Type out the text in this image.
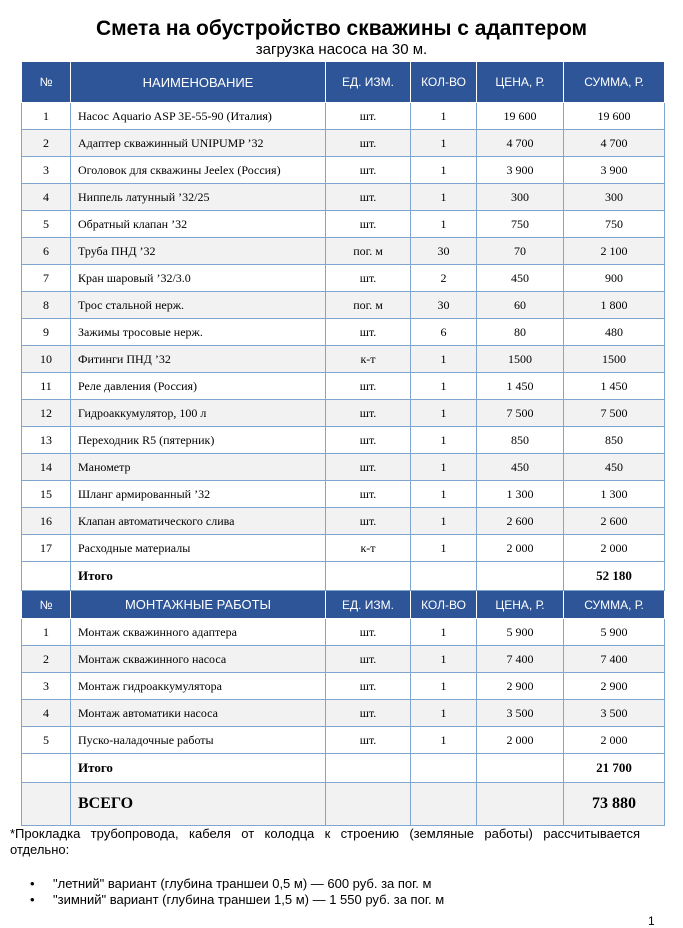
Смета на обустройство скважины с адаптером
загрузка насоса на 30 м.
№	НАИМЕНОВАНИЕ	ЕД. ИЗМ.	КОЛ-ВО	ЦЕНА, Р.	СУММА, Р.
1	Насос Aquario ASP 3E-55-90 (Италия)	шт.	1	19 600	19 600
2	Адаптер скважинный UNIPUMP ’32	шт.	1	4 700	4 700
3	Оголовок для скважины Jeelex (Россия)	шт.	1	3 900	3 900
4	Ниппель латунный ’32/25	шт.	1	300	300
5	Обратный клапан ’32	шт.	1	750	750
6	Труба ПНД ’32	пог. м	30	70	2 100
7	Кран шаровый ’32/3.0	шт.	2	450	900
8	Трос стальной нерж.	пог. м	30	60	1 800
9	Зажимы тросовые нерж.	шт.	6	80	480
10	Фитинги ПНД ’32	к-т	1	1500	1500
11	Реле давления (Россия)	шт.	1	1 450	1 450
12	Гидроаккумулятор, 100 л	шт.	1	7 500	7 500
13	Переходник R5 (пятерник)	шт.	1	850	850
14	Манометр	шт.	1	450	450
15	Шланг армированный ’32	шт.	1	1 300	1 300
16	Клапан автоматического слива	шт.	1	2 600	2 600
17	Расходные материалы	к-т	1	2 000	2 000
	Итого				52 180
№	МОНТАЖНЫЕ РАБОТЫ	ЕД. ИЗМ.	КОЛ-ВО	ЦЕНА, Р.	СУММА, Р.
1	Монтаж скважинного адаптера	шт.	1	5 900	5 900
2	Монтаж скважинного насоса	шт.	1	7 400	7 400
3	Монтаж гидроаккумулятора	шт.	1	2 900	2 900
4	Монтаж автоматики насоса	шт.	1	3 500	3 500
5	Пуско-наладочные работы	шт.	1	2 000	2 000
	Итого				21 700
	ВСЕГО				73 880
*Прокладка трубопровода, кабеля от колодца к строению (земляные работы) рассчитывается отдельно:
• "летний" вариант (глубина траншеи 0,5 м) — 600 руб. за пог. м
• "зимний" вариант (глубина траншеи 1,5 м) — 1 550 руб. за пог. м
1
